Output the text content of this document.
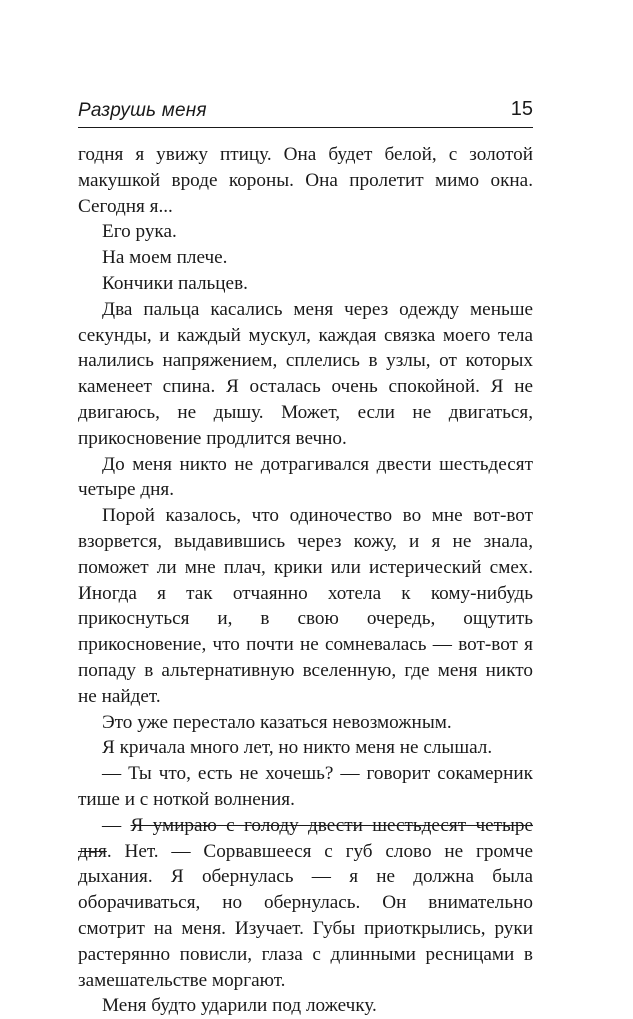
Разрушь меня	15

годня я увижу птицу. Она будет белой, с золотой макушкой вроде короны. Она пролетит мимо окна. Сегодня я...

Его рука.

На моем плече.

Кончики пальцев.

Два пальца касались меня через одежду меньше секунды, и каждый мускул, каждая связка моего тела налились напряжением, сплелись в узлы, от которых каменеет спина. Я осталась очень спокойной. Я не двигаюсь, не дышу. Может, если не двигаться, прикосновение продлится вечно.

До меня никто не дотрагивался двести шестьдесят четыре дня.

Порой казалось, что одиночество во мне вот-вот взорвется, выдавившись через кожу, и я не знала, поможет ли мне плач, крики или истерический смех. Иногда я так отчаянно хотела к кому-нибудь прикоснуться и, в свою очередь, ощутить прикосновение, что почти не сомневалась — вот-вот я попаду в альтернативную вселенную, где меня никто не найдет.

Это уже перестало казаться невозможным.

Я кричала много лет, но никто меня не слышал.

— Ты что, есть не хочешь? — говорит сокамерник тише и с ноткой волнения.

— Я умираю с голоду двести шестьдесят четыре дня. Нет. — Сорвавшееся с губ слово не громче дыхания. Я обернулась — я не должна была оборачиваться, но обернулась. Он внимательно смотрит на меня. Изучает. Губы приоткрылись, руки растерянно повисли, глаза с длинными ресницами в замешательстве моргают.

Меня будто ударили под ложечку.
